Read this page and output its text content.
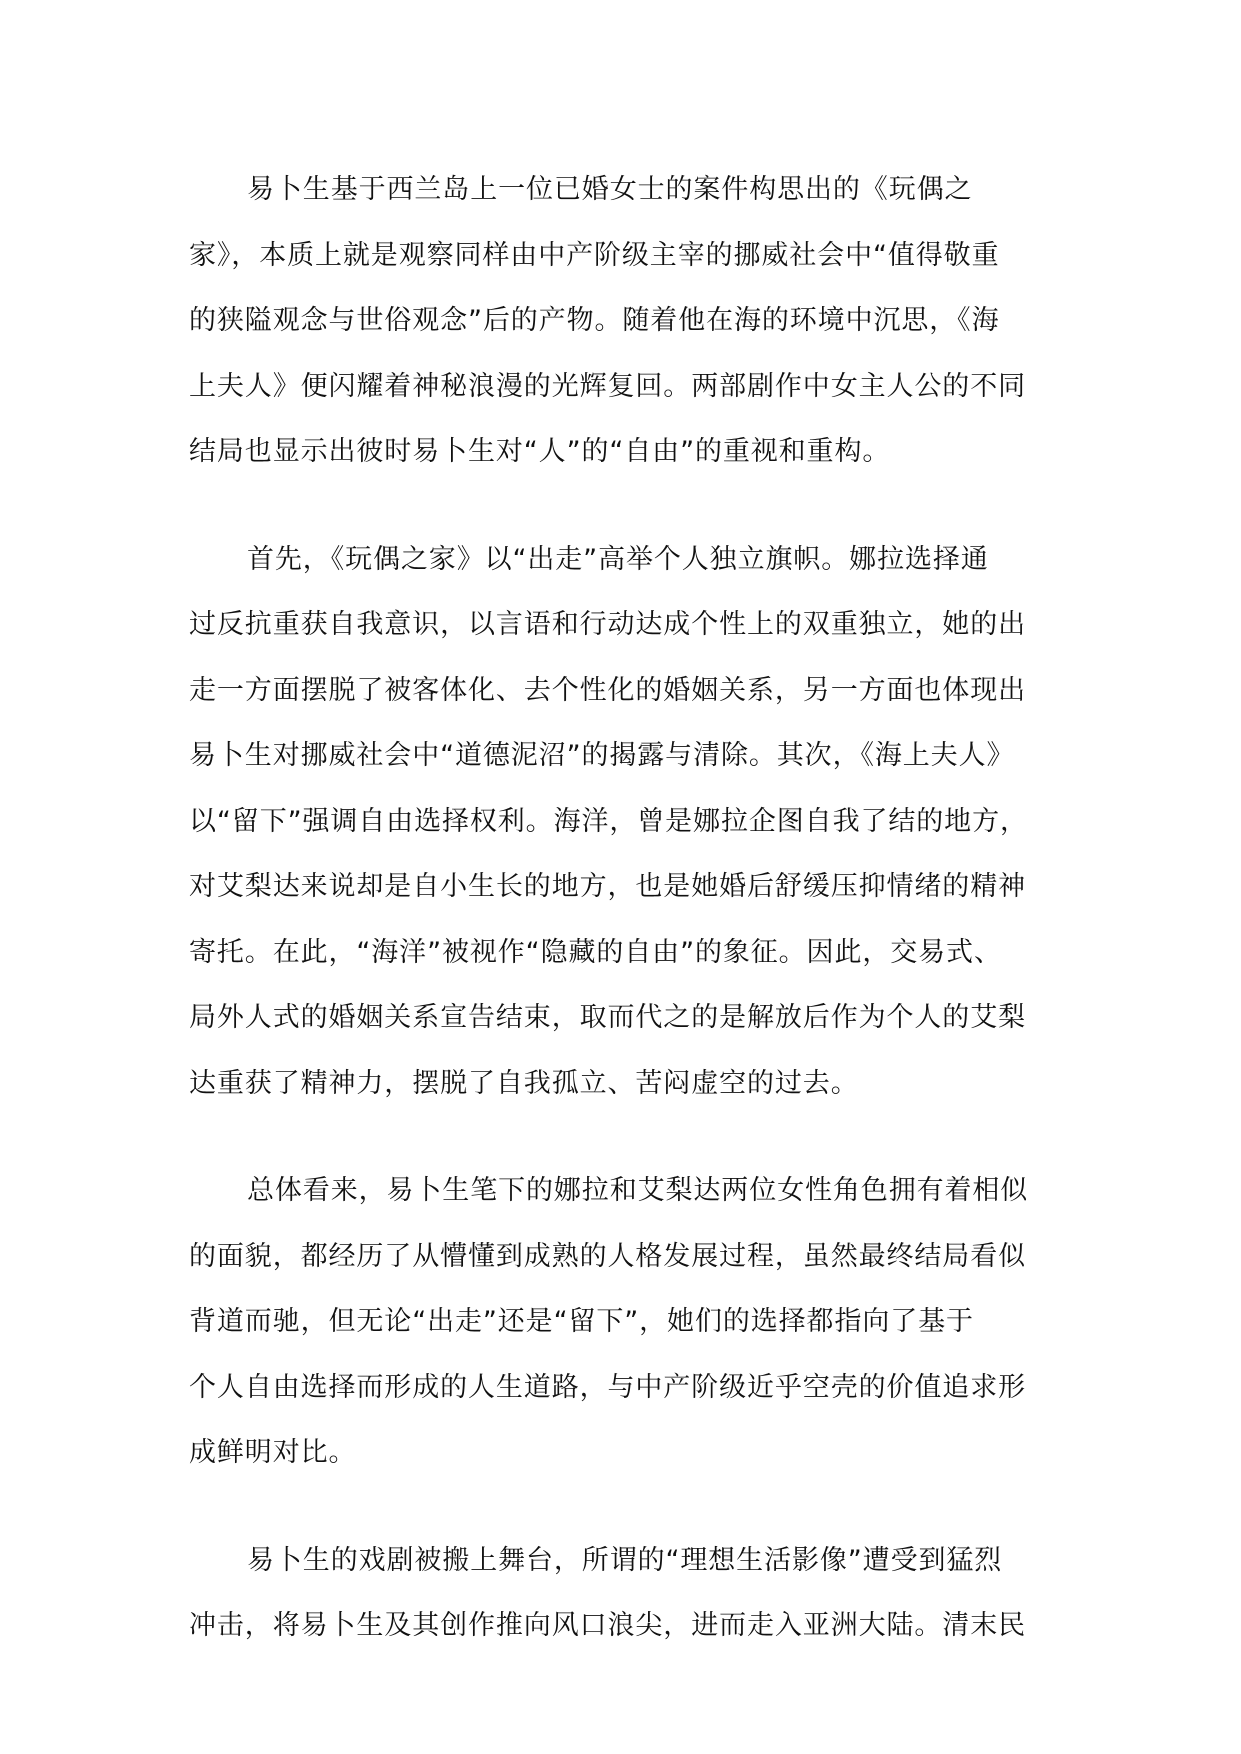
易卜生基于西兰岛上一位已婚女士的案件构思出的《玩偶之
家》，本质上就是观察同样由中产阶级主宰的挪威社会中“值得敬重
的狭隘观念与世俗观念”后的产物。随着他在海的环境中沉思，《海
上夫人》便闪耀着神秘浪漫的光辉复回。两部剧作中女主人公的不同
结局也显示出彼时易卜生对“人”的“自由”的重视和重构。
首先，《玩偶之家》以“出走”高举个人独立旗帜。娜拉选择通
过反抗重获自我意识，以言语和行动达成个性上的双重独立，她的出
走一方面摆脱了被客体化、去个性化的婚姻关系，另一方面也体现出
易卜生对挪威社会中“道德泥沼”的揭露与清除。其次，《海上夫人》
以“留下”强调自由选择权利。海洋，曾是娜拉企图自我了结的地方，
对艾梨达来说却是自小生长的地方，也是她婚后舒缓压抑情绪的精神
寄托。在此，“海洋”被视作“隐藏的自由”的象征。因此，交易式、
局外人式的婚姻关系宣告结束，取而代之的是解放后作为个人的艾梨
达重获了精神力，摆脱了自我孤立、苦闷虚空的过去。
总体看来，易卜生笔下的娜拉和艾梨达两位女性角色拥有着相似
的面貌，都经历了从懵懂到成熟的人格发展过程，虽然最终结局看似
背道而驰，但无论“出走”还是“留下”，她们的选择都指向了基于
个人自由选择而形成的人生道路，与中产阶级近乎空壳的价值追求形
成鲜明对比。
易卜生的戏剧被搬上舞台，所谓的“理想生活影像”遭受到猛烈
冲击，将易卜生及其创作推向风口浪尖，进而走入亚洲大陆。清末民
